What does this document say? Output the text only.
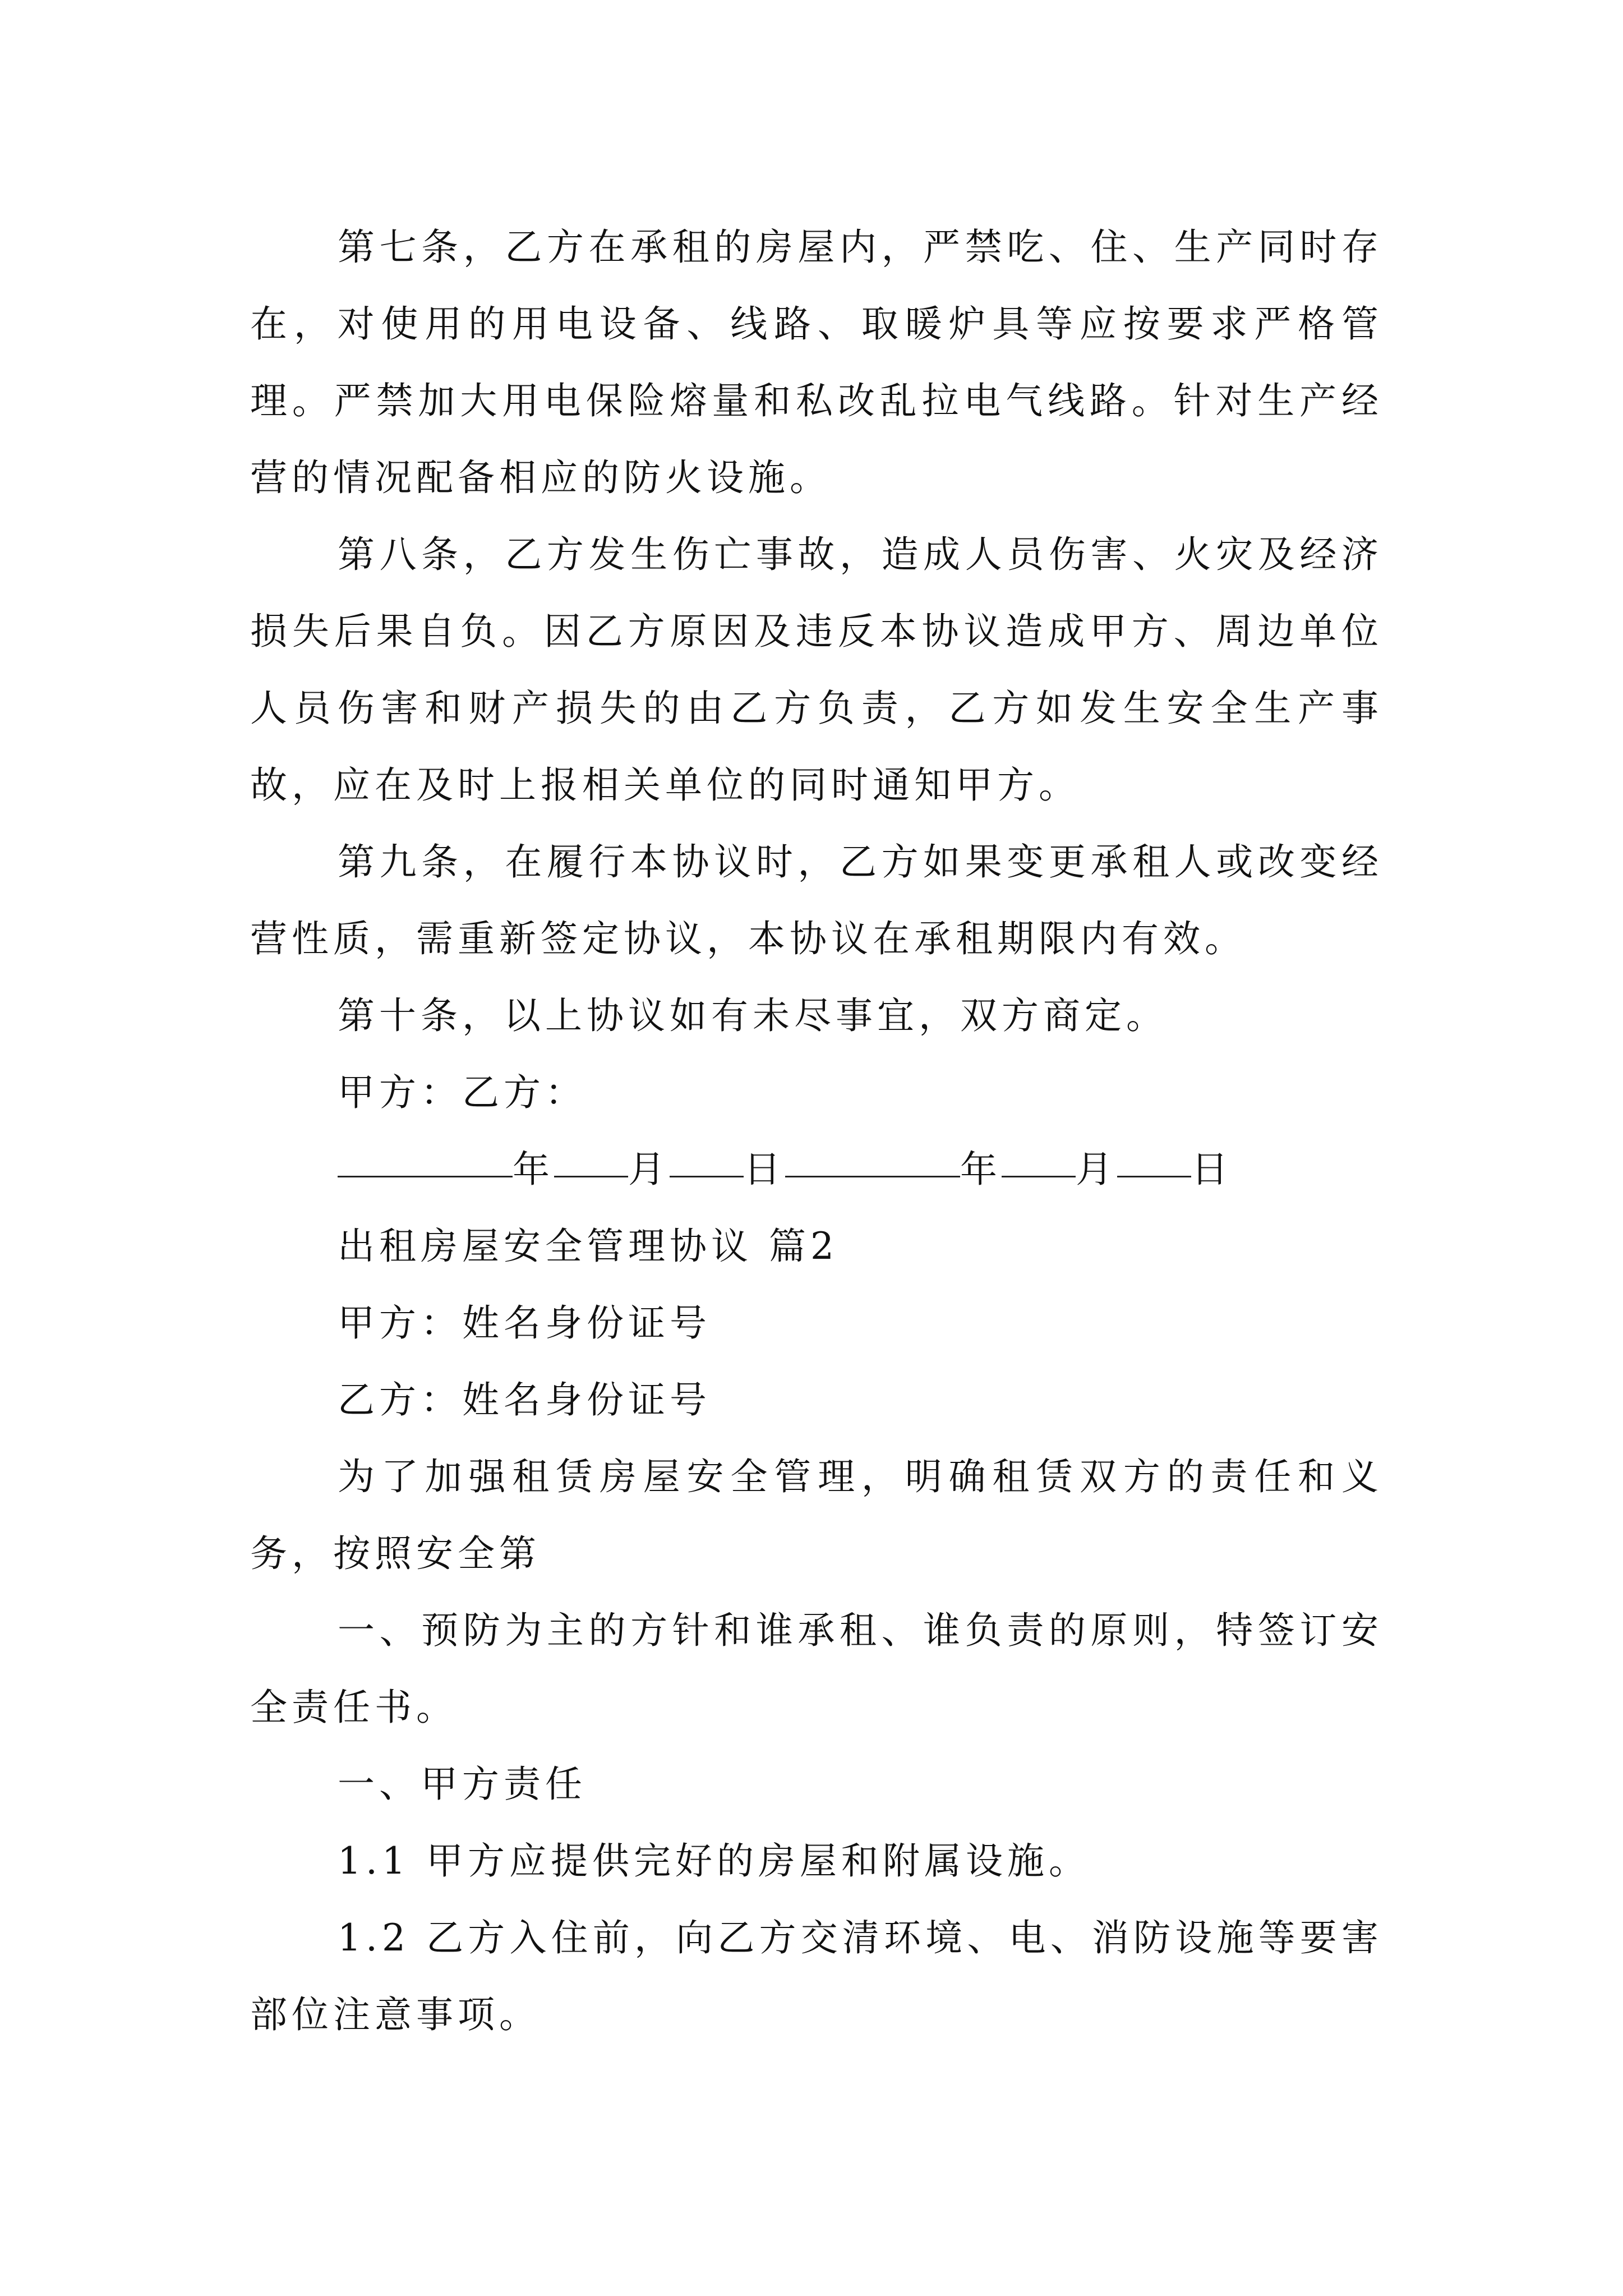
第七条，乙方在承租的房屋内，严禁吃、住、生产同时存在，对使用的用电设备、线路、取暖炉具等应按要求严格管理。严禁加大用电保险熔量和私改乱拉电气线路。针对生产经营的情况配备相应的防火设施。

第八条，乙方发生伤亡事故，造成人员伤害、火灾及经济损失后果自负。因乙方原因及违反本协议造成甲方、周边单位人员伤害和财产损失的由乙方负责，乙方如发生安全生产事故，应在及时上报相关单位的同时通知甲方。

第九条，在履行本协议时，乙方如果变更承租人或改变经营性质，需重新签定协议，本协议在承租期限内有效。

第十条，以上协议如有未尽事宜，双方商定。

甲方：乙方：

年 月 日	年 月 日

出租房屋安全管理协议 篇2

甲方：姓名身份证号

乙方：姓名身份证号

为了加强租赁房屋安全管理，明确租赁双方的责任和义务，按照安全第

一、预防为主的方针和谁承租、谁负责的原则，特签订安全责任书。

一、甲方责任

1.1 甲方应提供完好的房屋和附属设施。

1.2 乙方入住前，向乙方交清环境、电、消防设施等要害部位注意事项。
